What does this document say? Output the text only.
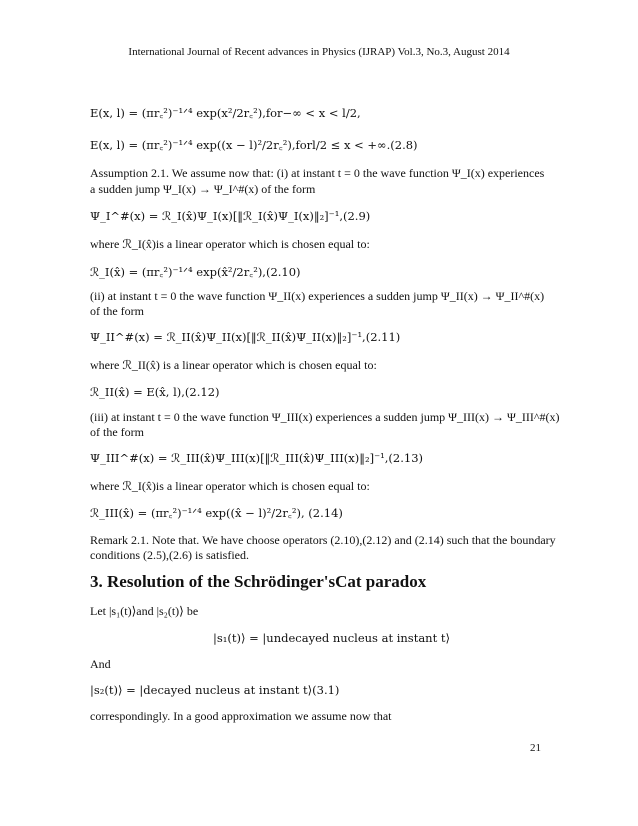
International Journal of Recent advances in Physics (IJRAP) Vol.3, No.3, August 2014
E(x, l) = (πr꜀²)⁻¹ᐟ⁴ exp(x²/2r꜀²),for−∞ < x < l/2,
E(x, l) = (πr꜀²)⁻¹ᐟ⁴ exp((x − l)²/2r꜀²),forl/2 ≤ x < +∞.(2.8)
Assumption 2.1. We assume now that: (i) at instant t = 0 the wave function Ψ_I(x) experiences
a sudden jump Ψ_I(x) → Ψ_I^#(x) of the form
Ψ_I^#(x) = ℛ_I(x̂)Ψ_I(x)[‖ℛ_I(x̂)Ψ_I(x)‖₂]⁻¹,(2.9)
where ℛ_I(x̂)is a linear operator which is chosen equal to:
ℛ_I(x̂) = (πr꜀²)⁻¹ᐟ⁴ exp(x̂²/2r꜀²),(2.10)
(ii) at instant t = 0 the wave function Ψ_II(x) experiences a sudden jump Ψ_II(x) → Ψ_II^#(x)
of the form
Ψ_II^#(x) = ℛ_II(x̂)Ψ_II(x)[‖ℛ_II(x̂)Ψ_II(x)‖₂]⁻¹,(2.11)
where ℛ_II(x̂) is a linear operator which is chosen equal to:
ℛ_II(x̂) = E(x̂, l),(2.12)
(iii) at instant t = 0 the wave function Ψ_III(x) experiences a sudden jump Ψ_III(x) → Ψ_III^#(x)
of the form
Ψ_III^#(x) = ℛ_III(x̂)Ψ_III(x)[‖ℛ_III(x̂)Ψ_III(x)‖₂]⁻¹,(2.13)
where ℛ_I(x̂)is a linear operator which is chosen equal to:
ℛ_III(x̂) = (πr꜀²)⁻¹ᐟ⁴ exp((x̂ − l)²/2r꜀²), (2.14)
Remark 2.1. Note that. We have choose operators (2.10),(2.12) and (2.14) such that the boundary
conditions (2.5),(2.6) is satisfied.
3. Resolution of the Schrödinger'sCat paradox
Let |s₁(t)⟩and |s₂(t)⟩ be
|s₁(t)⟩ = |undecayed nucleus at instant t⟩
And
|s₂(t)⟩ = |decayed nucleus at instant t⟩(3.1)
correspondingly. In a good approximation we assume now that
21
